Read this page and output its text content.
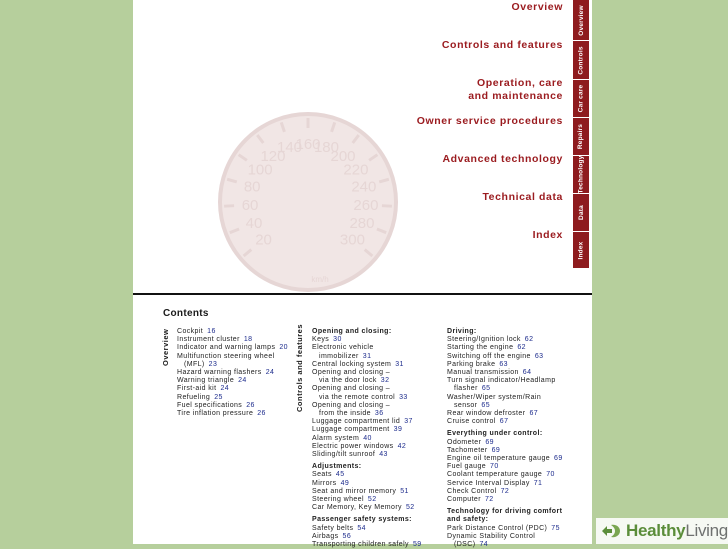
20
40
60
80
100
120
140
160
180
200
220
240
260
280
300
km/h
Overview
Controls and features
Operation, care
and maintenance
Owner service procedures
Advanced technology
Technical data
Index
Overview
Controls
Car care
Repairs
Technology
Data
Index
Contents
Overview	Controls and features
Cockpit 16
Instrument cluster 18
Indicator and warning lamps 20
Multifunction steering wheel
(MFL) 23
Hazard warning flashers 24
Warning triangle 24
First-aid kit 24
Refueling 25
Fuel specifications 26
Tire inflation pressure 26
Opening and closing:
Keys 30
Electronic vehicle
immobilizer 31
Central locking system 31
Opening and closing –
via the door lock 32
Opening and closing –
via the remote control 33
Opening and closing –
from the inside 36
Luggage compartment lid 37
Luggage compartment 39
Alarm system 40
Electric power windows 42
Sliding/tilt sunroof 43
Adjustments:
Seats 45
Mirrors 49
Seat and mirror memory 51
Steering wheel 52
Car Memory, Key Memory 52
Passenger safety systems:
Safety belts 54
Airbags 56
Transporting children safely 59
Driving:
Steering/Ignition lock 62
Starting the engine 62
Switching off the engine 63
Parking brake 63
Manual transmission 64
Turn signal indicator/Headlamp
flasher 65
Washer/Wiper system/Rain
sensor 65
Rear window defroster 67
Cruise control 67
Everything under control:
Odometer 69
Tachometer 69
Engine oil temperature gauge 69
Fuel gauge 70
Coolant temperature gauge 70
Service Interval Display 71
Check Control 72
Computer 72
Technology for driving comfort
and safety:
Park Distance Control (PDC) 75
Dynamic Stability Control
(DSC) 74
HealthyLiving
